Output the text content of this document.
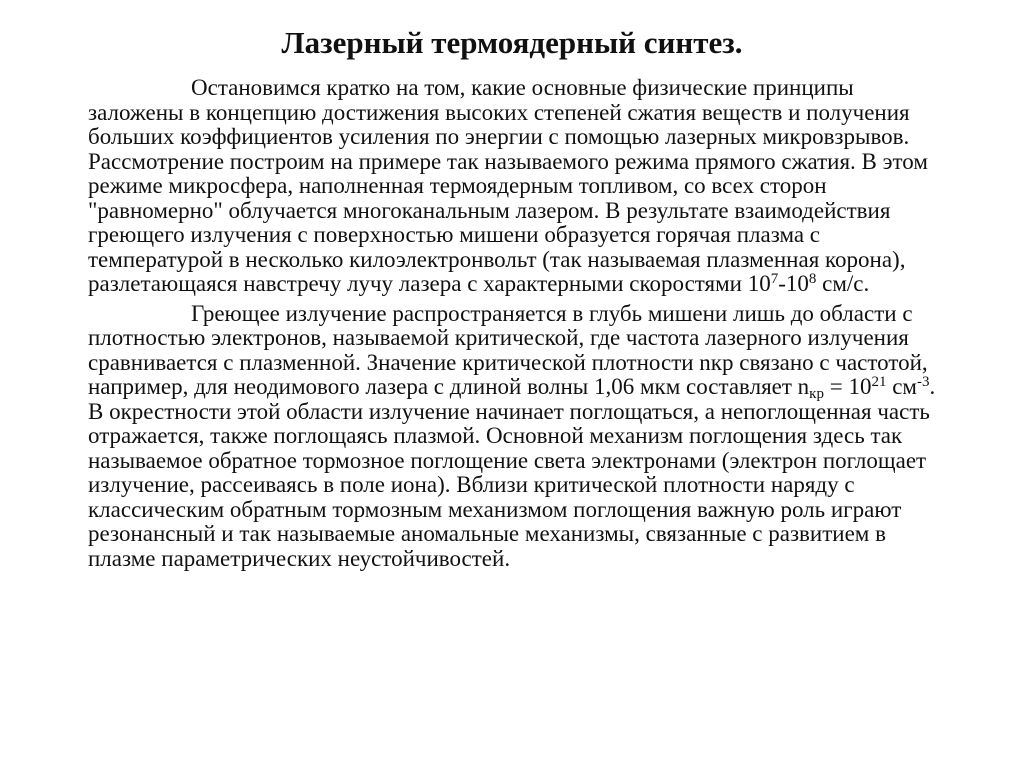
Лазерный термоядерный синтез.

Остановимся кратко на том, какие основные физические принципы заложены в концепцию достижения высоких степеней сжатия веществ и получения больших коэффициентов усиления по энергии с помощью лазерных микровзрывов. Рассмотрение построим на примере так называемого режима прямого сжатия. В этом режиме микросфера, наполненная термоядерным топливом, со всех сторон "равномерно" облучается многоканальным лазером. В результате взаимодействия греющего излучения с поверхностью мишени образуется горячая плазма с температурой в несколько килоэлектронвольт (так называемая плазменная корона), разлетающаяся навстречу лучу лазера с характерными скоростями $10^7-10^8$ см/с.

Греющее излучение распространяется в глубь мишени лишь до области с плотностью электронов, называемой критической, где частота лазерного излучения сравнивается с плазменной. Значение критической плотности nкр связано с частотой, например, для неодимового лазера с длиной волны 1,06 мкм составляет $n_{кр} = 10^{21}$ $см^{-3}$. В окрестности этой области излучение начинает поглощаться, а непоглощенная часть отражается, также поглощаясь плазмой. Основной механизм поглощения здесь так называемое обратное тормозное поглощение света электронами (электрон поглощает излучение, рассеиваясь в поле иона). Вблизи критической плотности наряду с классическим обратным тормозным механизмом поглощения важную роль играют резонансный и так называемые аномальные механизмы, связанные с развитием в плазме параметрических неустойчивостей.
